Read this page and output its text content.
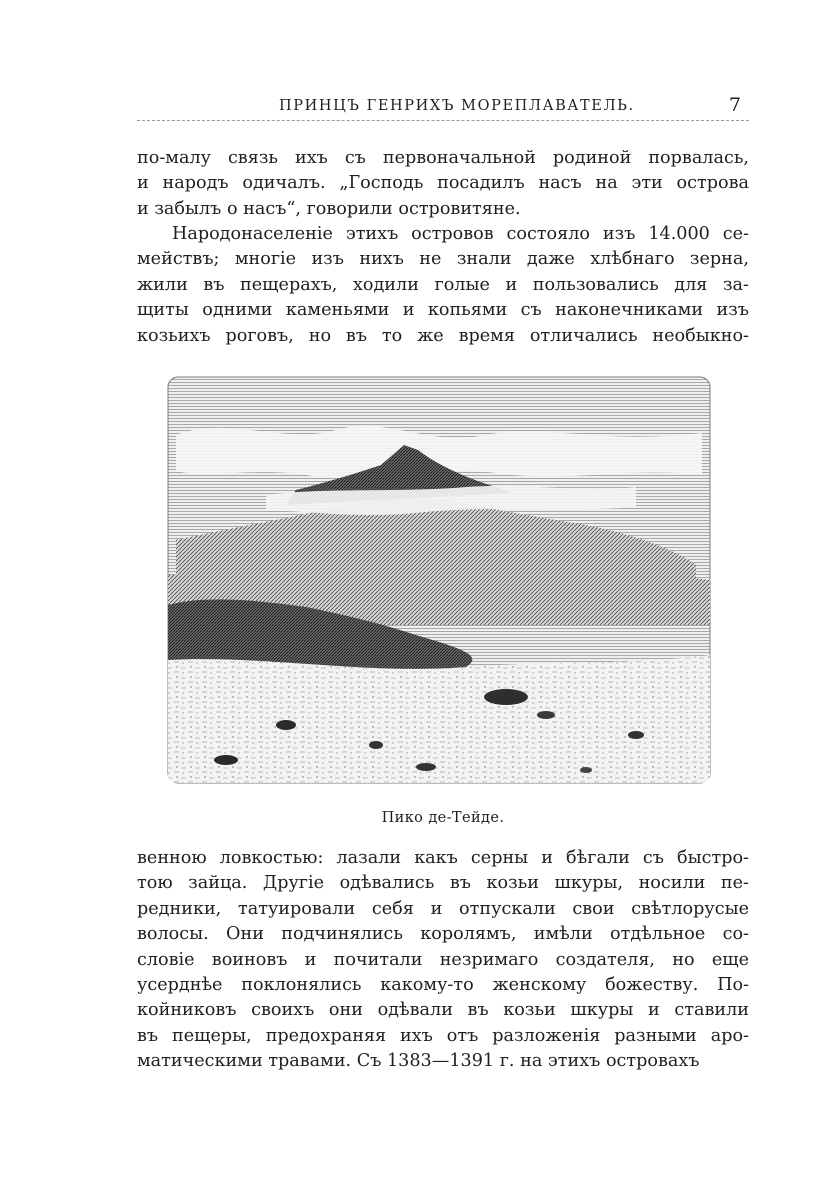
ПРИНЦЪ ГЕНРИХЪ МОРЕПЛАВАТЕЛЬ.	7
по-малу связь ихъ съ первоначальной родиной порвалась,
и народъ одичалъ. „Господь посадилъ насъ на эти острова
и забылъ о насъ“, говорили островитяне.
Народонаселеніе этихъ островов состояло изъ 14.000 се-
мействъ; многіе изъ нихъ не знали даже хлѣбнаго зерна,
жили въ пещерахъ, ходили голые и пользовались для за-
щиты одними каменьями и копьями съ наконечниками изъ
козьихъ роговъ, но въ то же время отличались необыкно-
Пико де-Тейде.
венною ловкостью: лазали какъ серны и бѣгали съ быстро-
тою зайца. Другіе одѣвались въ козьи шкуры, носили пе-
редники, татуировали себя и отпускали свои свѣтлорусые
волосы. Они подчинялись королямъ, имѣли отдѣльное со-
словіе воиновъ и почитали незримаго создателя, но еще
усерднѣе поклонялись какому-то женскому божеству. По-
койниковъ своихъ они одѣвали въ козьи шкуры и ставили
въ пещеры, предохраняя ихъ отъ разложенія разными аро-
матическими травами. Съ 1383—1391 г. на этихъ островахъ
